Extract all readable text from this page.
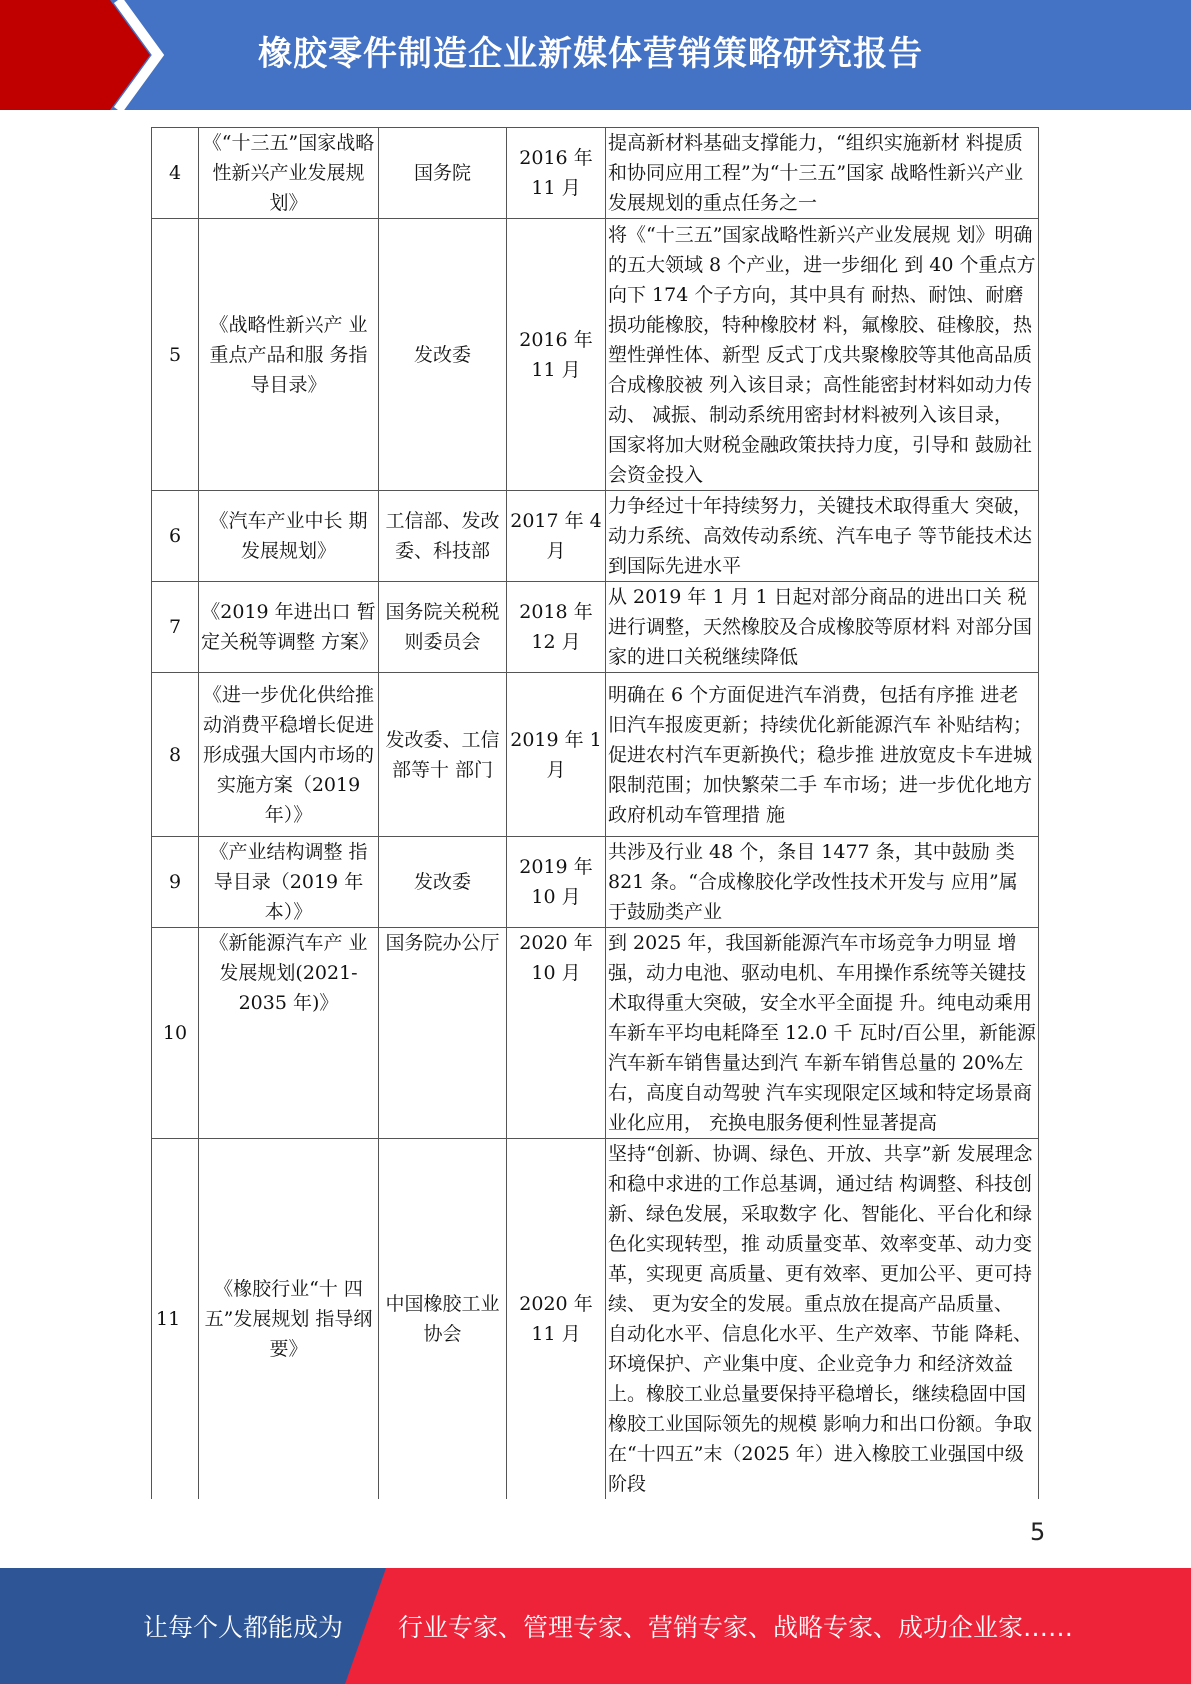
橡胶零件制造企业新媒体营销策略研究报告
4	《“十三五”国家战略性新兴产业发展规划》	国务院	2016 年 11 月	提高新材料基础支撑能力，“组织实施新材 料提质和协同应用工程”为“十三五”国家 战略性新兴产业发展规划的重点任务之一
5	《战略性新兴产 业重点产品和服 务指导目录》	发改委	2016 年 11 月	将《“十三五”国家战略性新兴产业发展规 划》明确的五大领域 8 个产业，进一步细化 到 40 个重点方向下 174 个子方向，其中具有 耐热、耐蚀、耐磨损功能橡胶，特种橡胶材 料，氟橡胶、硅橡胶，热塑性弹性体、新型 反式丁戊共聚橡胶等其他高品质合成橡胶被 列入该目录；高性能密封材料如动力传动、 减振、制动系统用密封材料被列入该目录， 国家将加大财税金融政策扶持力度，引导和 鼓励社会资金投入
6	《汽车产业中长 期发展规划》	工信部、发改委、科技部	2017 年 4 月	力争经过十年持续努力，关键技术取得重大 突破，动力系统、高效传动系统、汽车电子 等节能技术达到国际先进水平
7	《2019 年进出口 暂定关税等调整 方案》	国务院关税税则委员会	2018 年 12 月	从 2019 年 1 月 1 日起对部分商品的进出口关 税进行调整，天然橡胶及合成橡胶等原材料 对部分国家的进口关税继续降低
8	《进一步优化供给推动消费平稳增长促进形成强大国内市场的实施方案（2019 年）》	发改委、工信部等十 部门	2019 年 1 月	明确在 6 个方面促进汽车消费，包括有序推 进老旧汽车报废更新；持续优化新能源汽车 补贴结构；促进农村汽车更新换代；稳步推 进放宽皮卡车进城限制范围；加快繁荣二手 车市场；进一步优化地方政府机动车管理措 施
9	《产业结构调整 指导目录（2019 年本）》	发改委	2019 年 10 月	共涉及行业 48 个，条目 1477 条，其中鼓励 类 821 条。“合成橡胶化学改性技术开发与 应用”属于鼓励类产业
10	《新能源汽车产 业发展规划(2021-2035 年)》	国务院办公厅	2020 年 10 月	到 2025 年，我国新能源汽车市场竞争力明显 增强，动力电池、驱动电机、车用操作系统等关键技术取得重大突破，安全水平全面提 升。纯电动乘用车新车平均电耗降至 12.0 千 瓦时/百公里，新能源汽车新车销售量达到汽 车新车销售总量的 20%左右，高度自动驾驶 汽车实现限定区域和特定场景商业化应用， 充换电服务便利性显著提高
11	《橡胶行业“十 四五”发展规划 指导纲要》	中国橡胶工业协会	2020 年 11 月	坚持“创新、协调、绿色、开放、共享”新 发展理念和稳中求进的工作总基调，通过结 构调整、科技创新、绿色发展，采取数字 化、智能化、平台化和绿色化实现转型，推 动质量变革、效率变革、动力变革，实现更 高质量、更有效率、更加公平、更可持续、 更为安全的发展。重点放在提高产品质量、 自动化水平、信息化水平、生产效率、节能 降耗、环境保护、产业集中度、企业竞争力 和经济效益上。橡胶工业总量要保持平稳增长，继续稳固中国橡胶工业国际领先的规模 影响力和出口份额。争取在“十四五”末（2025 年）进入橡胶工业强国中级阶段
5
让每个人都能成为 行业专家、管理专家、营销专家、战略专家、成功企业家……
